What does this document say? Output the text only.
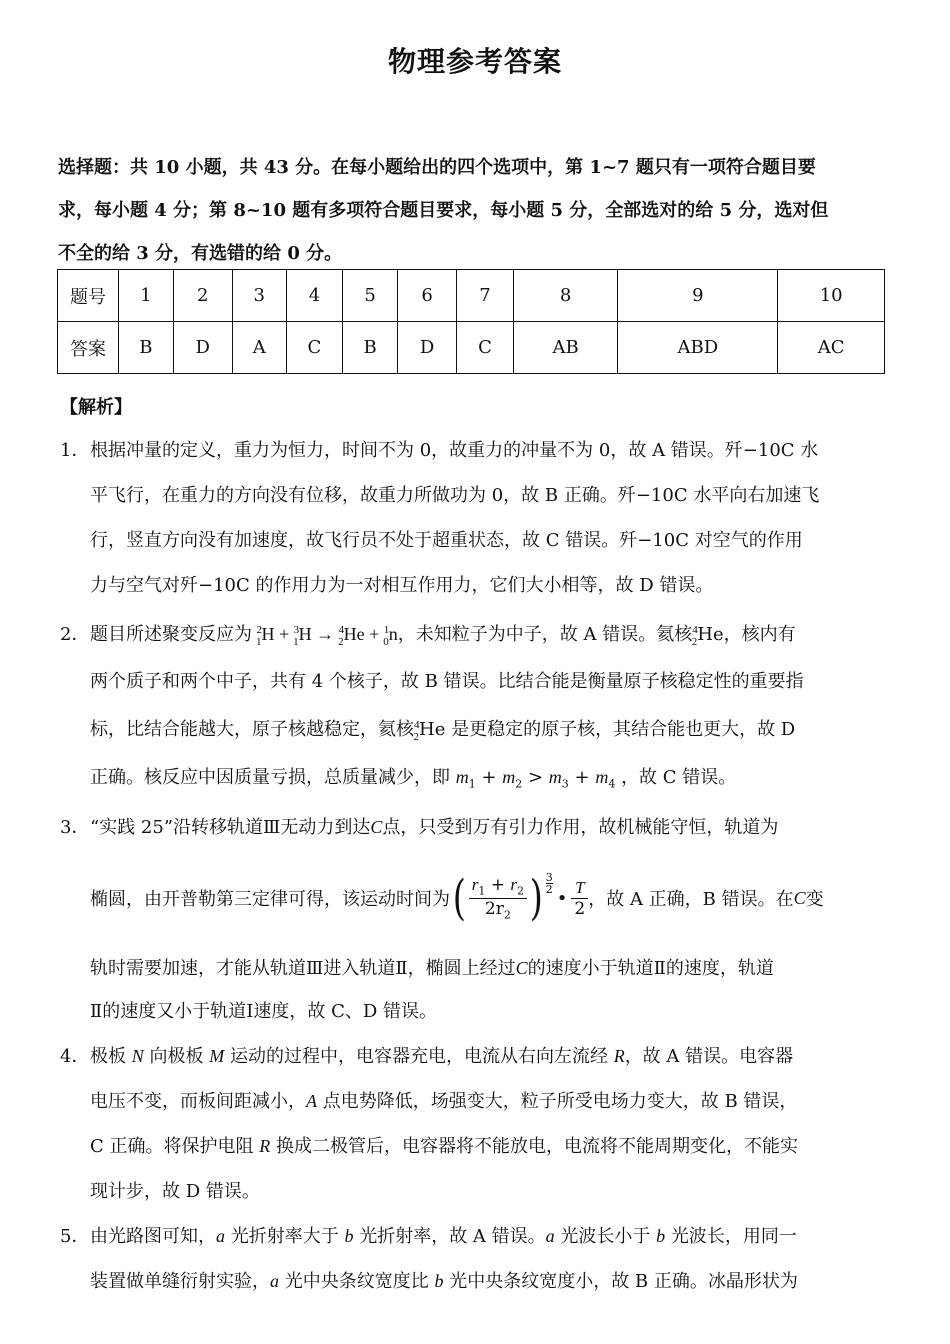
物理参考答案
选择题：共 10 小题，共 43 分。在每小题给出的四个选项中，第 1~7 题只有一项符合题目要
求，每小题 4 分；第 8~10 题有多项符合题目要求，每小题 5 分，全部选对的给 5 分，选对但
不全的给 3 分，有选错的给 0 分。
题号	1	2	3	4	5	6	7	8	9	10
答案	B	D	A	C	B	D	C	AB	ABD	AC
【解析】
1． 根据冲量的定义，重力为恒力，时间不为 0，故重力的冲量不为 0，故 A 错误。歼−10C 水
平飞行，在重力的方向没有位移，故重力所做功为 0，故 B 正确。歼−10C 水平向右加速飞
行，竖直方向没有加速度，故飞行员不处于超重状态，故 C 错误。歼−10C 对空气的作用
力与空气对歼−10C 的作用力为一对相互作用力，它们大小相等，故 D 错误。
2． 题目所述聚变反应为 $^2_1$H + $^3_1$H → $^4_2$He + $^1_0$n，未知粒子为中子，故 A 错误。氦核$^4_2$He，核内有
两个质子和两个中子，共有 4 个核子，故 B 错误。比结合能是衡量原子核稳定性的重要指
标，比结合能越大，原子核越稳定，氦核$^4_2$He 是更稳定的原子核，其结合能也更大，故 D
正确。核反应中因质量亏损，总质量减少，即 $m_1 + m_2 > m_3 + m_4$ ，故 C 错误。
3． “实践 25”沿转移轨道Ⅲ无动力到达C点，只受到万有引力作用，故机械能守恒，轨道为
椭圆，由开普勒第三定律可得，该运动时间为 ( $\frac{r_1 + r_2}{2r_2}$ ) 3
2 • $\frac{T}{2}$ ，故 A 正确，B 错误。在 C 变
轨时需要加速，才能从轨道Ⅲ进入轨道Ⅱ，椭圆上经过C的速度小于轨道Ⅱ的速度，轨道
Ⅱ的速度又小于轨道Ⅰ速度，故 C、D 错误。
4． 极板 N 向极板 M 运动的过程中，电容器充电，电流从右向左流经 R，故 A 错误。电容器
电压不变，而板间距减小，A 点电势降低，场强变大，粒子所受电场力变大，故 B 错误，
C 正确。将保护电阻 R 换成二极管后，电容器将不能放电，电流将不能周期变化，不能实
现计步，故 D 错误。
5． 由光路图可知，a 光折射率大于 b 光折射率，故 A 错误。a 光波长小于 b 光波长，用同一
装置做单缝衍射实验，a 光中央条纹宽度比 b 光中央条纹宽度小，故 B 正确。冰晶形状为
